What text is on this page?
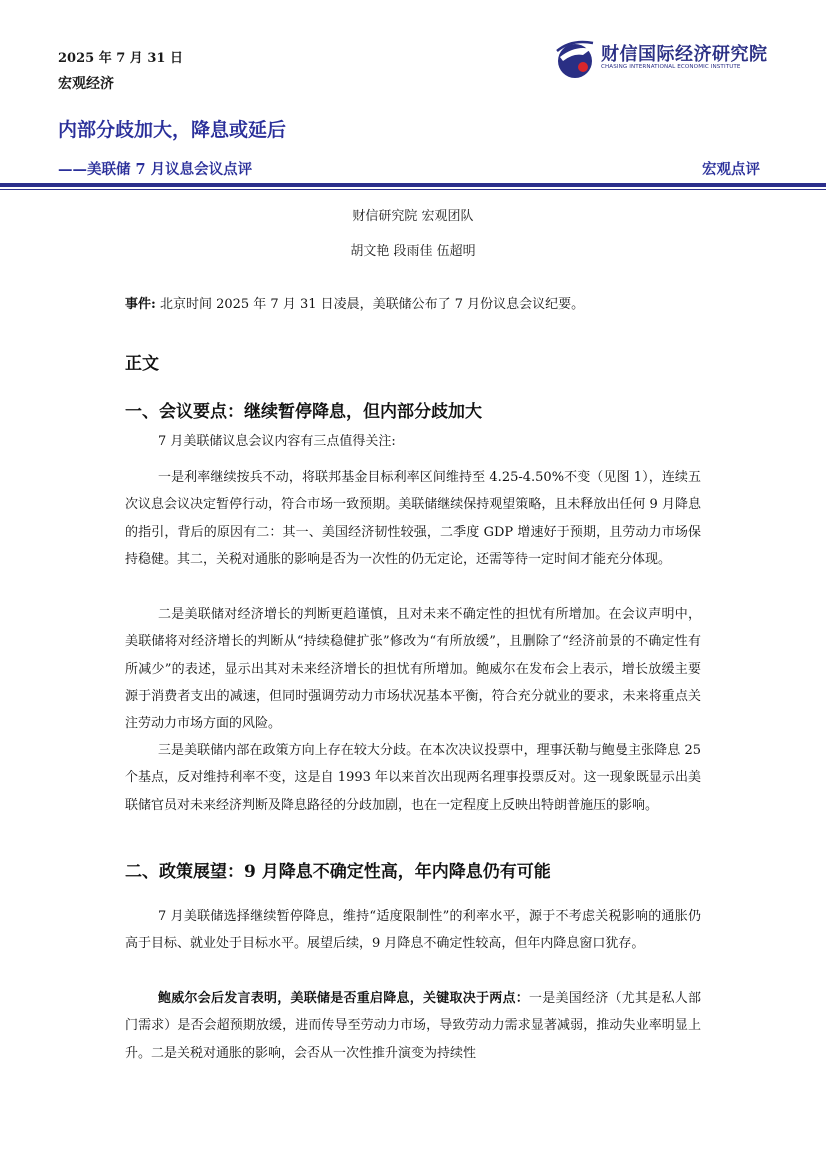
2025 年 7 月 31 日
宏观经济
财信国际经济研究院
CHASING INTERNATIONAL ECONOMIC INSTITUTE
内部分歧加大，降息或延后
——美联储 7 月议息会议点评	宏观点评
财信研究院 宏观团队
胡文艳 段雨佳 伍超明
事件: 北京时间 2025 年 7 月 31 日凌晨，美联储公布了 7 月份议息会议纪要。
正文
一、会议要点：继续暂停降息，但内部分歧加大
7 月美联储议息会议内容有三点值得关注:
一是利率继续按兵不动，将联邦基金目标利率区间维持至 4.25-4.50%不变（见图 1），连续五次议息会议决定暂停行动，符合市场一致预期。美联储继续保持观望策略，且未释放出任何 9 月降息的指引，背后的原因有二：其一、美国经济韧性较强，二季度 GDP 增速好于预期，且劳动力市场保持稳健。其二，关税对通胀的影响是否为一次性的仍无定论，还需等待一定时间才能充分体现。
二是美联储对经济增长的判断更趋谨慎，且对未来不确定性的担忧有所增加。在会议声明中，美联储将对经济增长的判断从“持续稳健扩张”修改为“有所放缓”，且删除了“经济前景的不确定性有所减少”的表述，显示出其对未来经济增长的担忧有所增加。鲍威尔在发布会上表示，增长放缓主要源于消费者支出的减速，但同时强调劳动力市场状况基本平衡，符合充分就业的要求，未来将重点关注劳动力市场方面的风险。
三是美联储内部在政策方向上存在较大分歧。在本次决议投票中，理事沃勒与鲍曼主张降息 25 个基点，反对维持利率不变，这是自 1993 年以来首次出现两名理事投票反对。这一现象既显示出美联储官员对未来经济判断及降息路径的分歧加剧，也在一定程度上反映出特朗普施压的影响。
二、政策展望：9 月降息不确定性高，年内降息仍有可能
7 月美联储选择继续暂停降息，维持“适度限制性”的利率水平，源于不考虑关税影响的通胀仍高于目标、就业处于目标水平。展望后续，9 月降息不确定性较高，但年内降息窗口犹存。
鲍威尔会后发言表明，美联储是否重启降息，关键取决于两点：一是美国经济（尤其是私人部门需求）是否会超预期放缓，进而传导至劳动力市场，导致劳动力需求显著减弱，推动失业率明显上升。二是关税对通胀的影响，会否从一次性推升演变为持续性
